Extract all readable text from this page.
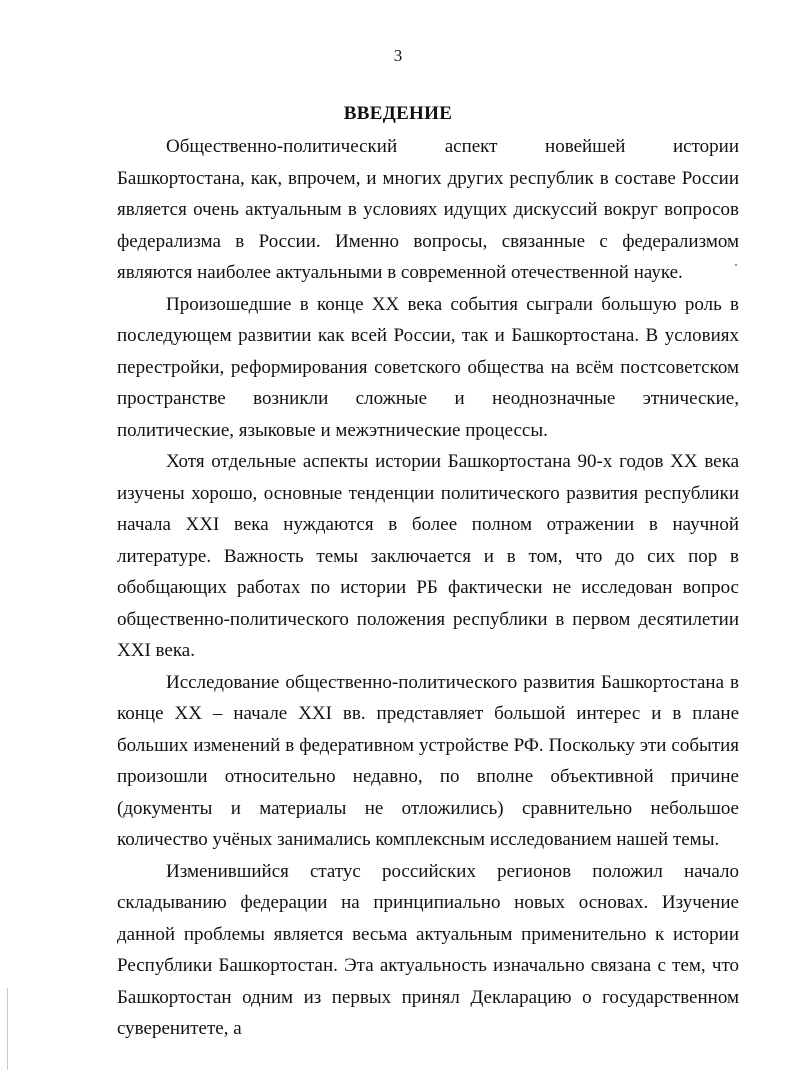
3
ВВЕДЕНИЕ

Общественно-политический аспект новейшей истории Башкортостана, как, впрочем, и многих других республик в составе России является очень актуальным в условиях идущих дискуссий вокруг вопросов федерализма в России. Именно вопросы, связанные с федерализмом являются наиболее актуальными в современной отечественной науке.

Произошедшие в конце XX века события сыграли большую роль в последующем развитии как всей России, так и Башкортостана. В условиях перестройки, реформирования советского общества на всём постсоветском пространстве возникли сложные и неоднозначные этнические, политические, языковые и межэтнические процессы.

Хотя отдельные аспекты истории Башкортостана 90-х годов XX века изучены хорошо, основные тенденции политического развития республики начала XXI века нуждаются в более полном отражении в научной литературе. Важность темы заключается и в том, что до сих пор в обобщающих работах по истории РБ фактически не исследован вопрос общественно-политического положения республики в первом десятилетии XXI века.

Исследование общественно-политического развития Башкортостана в конце XX – начале XXI вв. представляет большой интерес и в плане больших изменений в федеративном устройстве РФ. Поскольку эти события произошли относительно недавно, по вполне объективной причине (документы и материалы не отложились) сравнительно небольшое количество учёных занимались комплексным исследованием нашей темы.

Изменившийся статус российских регионов положил начало складыванию федерации на принципиально новых основах. Изучение данной проблемы является весьма актуальным применительно к истории Республики Башкортостан. Эта актуальность изначально связана с тем, что Башкортостан одним из первых принял Декларацию о государственном суверенитете, а
